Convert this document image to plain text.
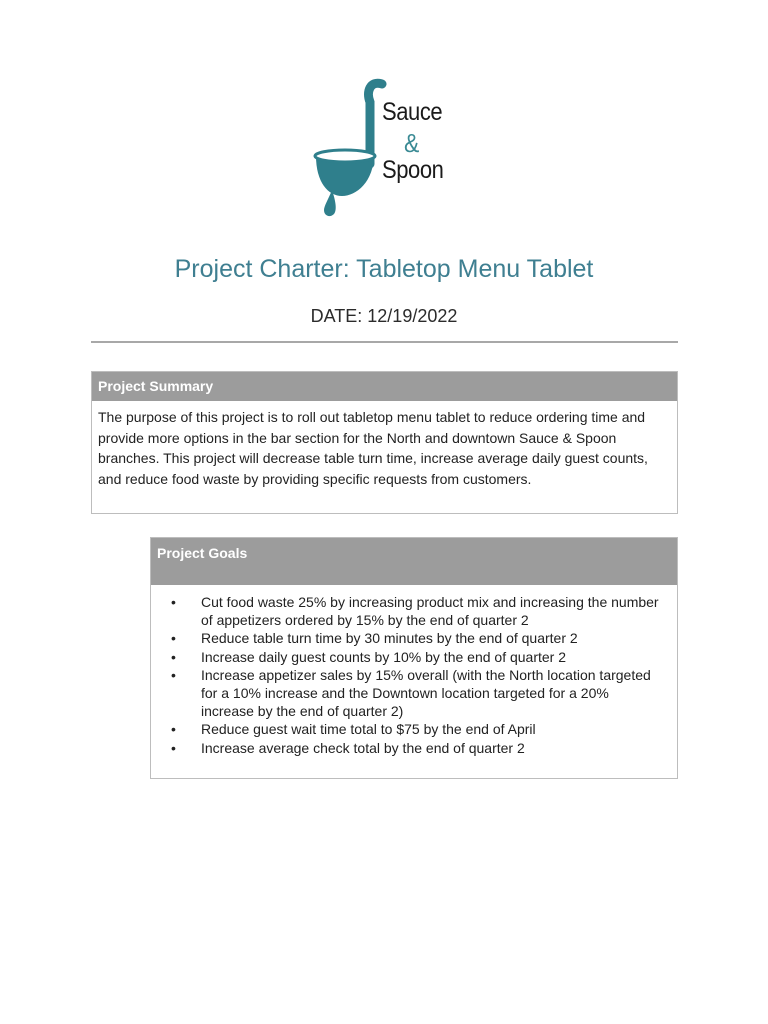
Sauce
&
Spoon
Project Charter: Tabletop Menu Tablet
DATE: 12/19/2022
Project Summary
The purpose of this project is to roll out tabletop menu tablet to reduce ordering time and provide more options in the bar section for the North and downtown Sauce & Spoon branches. This project will decrease table turn time, increase average daily guest counts, and reduce food waste by providing specific requests from customers.
Project Goals
• Cut food waste 25% by increasing product mix and increasing the number of appetizers ordered by 15% by the end of quarter 2
• Reduce table turn time by 30 minutes by the end of quarter 2
• Increase daily guest counts by 10% by the end of quarter 2
• Increase appetizer sales by 15% overall (with the North location targeted for a 10% increase and the Downtown location targeted for a 20% increase by the end of quarter 2)
• Reduce guest wait time total to $75 by the end of April
• Increase average check total by the end of quarter 2
